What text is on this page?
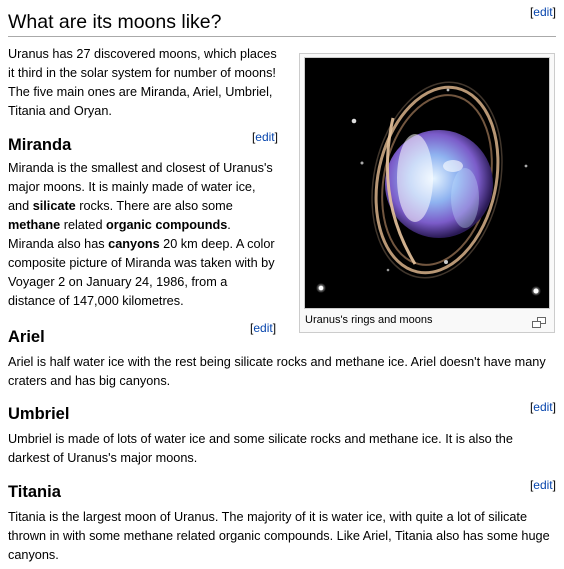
[edit]
What are its moons like?

Uranus has 27 discovered moons, which places it third in the solar system for number of moons! The five main ones are Miranda, Ariel, Umbriel, Titania and Oryan.

Uranus's rings and moons
[edit]
Miranda

Miranda is the smallest and closest of Uranus's major moons. It is mainly made of water ice, and silicate rocks. There are also some methane related organic compounds. Miranda also has canyons 20 km deep. A color composite picture of Miranda was taken with by Voyager 2 on January 24, 1986, from a distance of 147,000 kilometres.

[edit]
Ariel

Ariel is half water ice with the rest being silicate rocks and methane ice. Ariel doesn't have many craters and has big canyons.

[edit]
Umbriel

Umbriel is made of lots of water ice and some silicate rocks and methane ice. It is also the darkest of Uranus's major moons.

[edit]
Titania

Titania is the largest moon of Uranus. The majority of it is water ice, with quite a lot of silicate thrown in with some methane related organic compounds. Like Ariel, Titania also has some huge canyons.
